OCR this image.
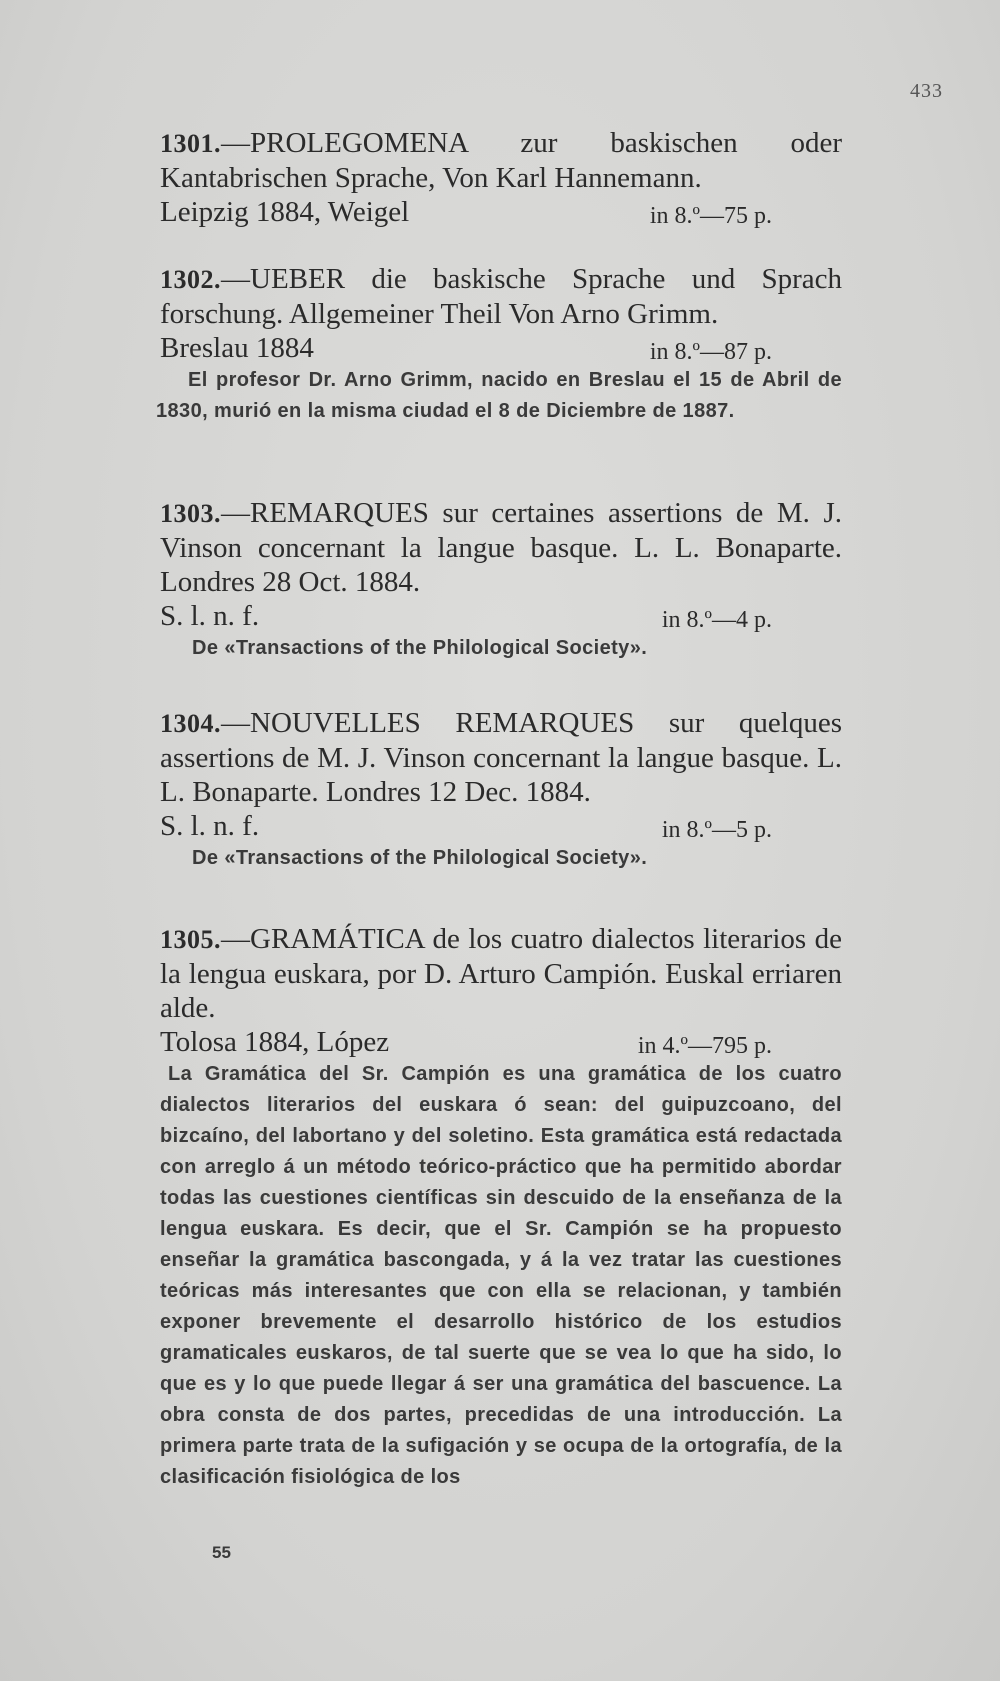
433
1301.—PROLEGOMENA zur baskischen oder Kantabrischen Sprache, Von Karl Hannemann.
Leipzig 1884, Weigel	in 8.º—75 p.
1302.—UEBER die baskische Sprache und Sprach forschung. Allgemeiner Theil Von Arno Grimm.
Breslau 1884	in 8.º—87 p.
El profesor Dr. Arno Grimm, nacido en Breslau el 15 de Abril de 1830, murió en la misma ciudad el 8 de Diciembre de 1887.
1303.—REMARQUES sur certaines assertions de M. J. Vinson concernant la langue basque. L. L. Bonaparte. Londres 28 Oct. 1884.
S. l. n. f.	in 8.º—4 p.
De «Transactions of the Philological Society».
1304.—NOUVELLES REMARQUES sur quelques assertions de M. J. Vinson concernant la langue basque. L. L. Bonaparte. Londres 12 Dec. 1884.
S. l. n. f.	in 8.º—5 p.
De «Transactions of the Philological Society».
1305.—GRAMÁTICA de los cuatro dialectos literarios de la lengua euskara, por D. Arturo Campión. Euskal erriaren alde.
Tolosa 1884, López	in 4.º—795 p.
La Gramática del Sr. Campión es una gramática de los cuatro dialectos literarios del euskara ó sean: del guipuzcoano, del bizcaíno, del labortano y del soletino. Esta gramática está redactada con arreglo á un método teórico-práctico que ha permitido abordar todas las cuestiones científicas sin descuido de la enseñanza de la lengua euskara. Es decir, que el Sr. Campión se ha propuesto enseñar la gramática bascongada, y á la vez tratar las cuestiones teóricas más interesantes que con ella se relacionan, y también exponer brevemente el desarrollo histórico de los estudios gramaticales euskaros, de tal suerte que se vea lo que ha sido, lo que es y lo que puede llegar á ser una gramática del bascuence. La obra consta de dos partes, precedidas de una introducción. La primera parte trata de la sufigación y se ocupa de la ortografía, de la clasificación fisiológica de los
55
